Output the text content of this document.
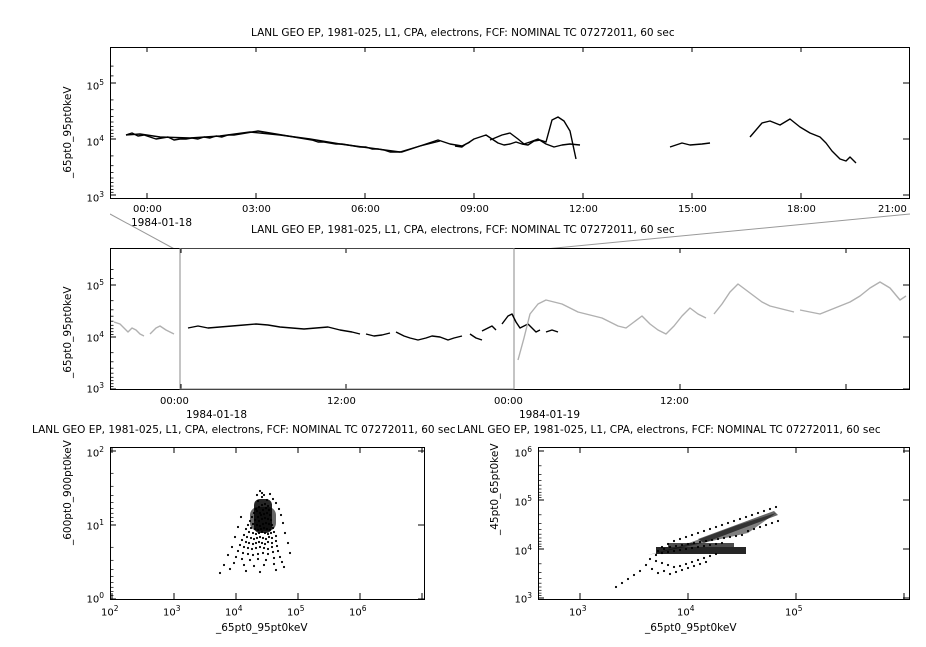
LANL GEO EP, 1981-025, L1, CPA, electrons, FCF: NOMINAL TC 07272011, 60 sec
_65pt0_95pt0keV	$10^5$
$10^4$
$10^3$
00:00	03:00	06:00	09:00	12:00	15:00	18:00	21:00
1984-01-18
LANL GEO EP, 1981-025, L1, CPA, electrons, FCF: NOMINAL TC 07272011, 60 sec
_65pt0_95pt0keV	$10^5$
$10^4$
$10^3$
00:00	12:00	00:00	12:00
1984-01-18	1984-01-19
LANL GEO EP, 1981-025, L1, CPA, electrons, FCF: NOMINAL TC 07272011, 60 sec
_600pt0_900pt0keV	$10^2$
$10^1$
$10^0$
$10^2$	$10^3$	$10^4$	$10^5$	$10^6$
_65pt0_95pt0keV
LANL GEO EP, 1981-025, L1, CPA, electrons, FCF: NOMINAL TC 07272011, 60 sec
_45pt0_65pt0keV	$10^6$
$10^5$
$10^4$
$10^3$
$10^3$	$10^4$	$10^5$
_65pt0_95pt0keV
